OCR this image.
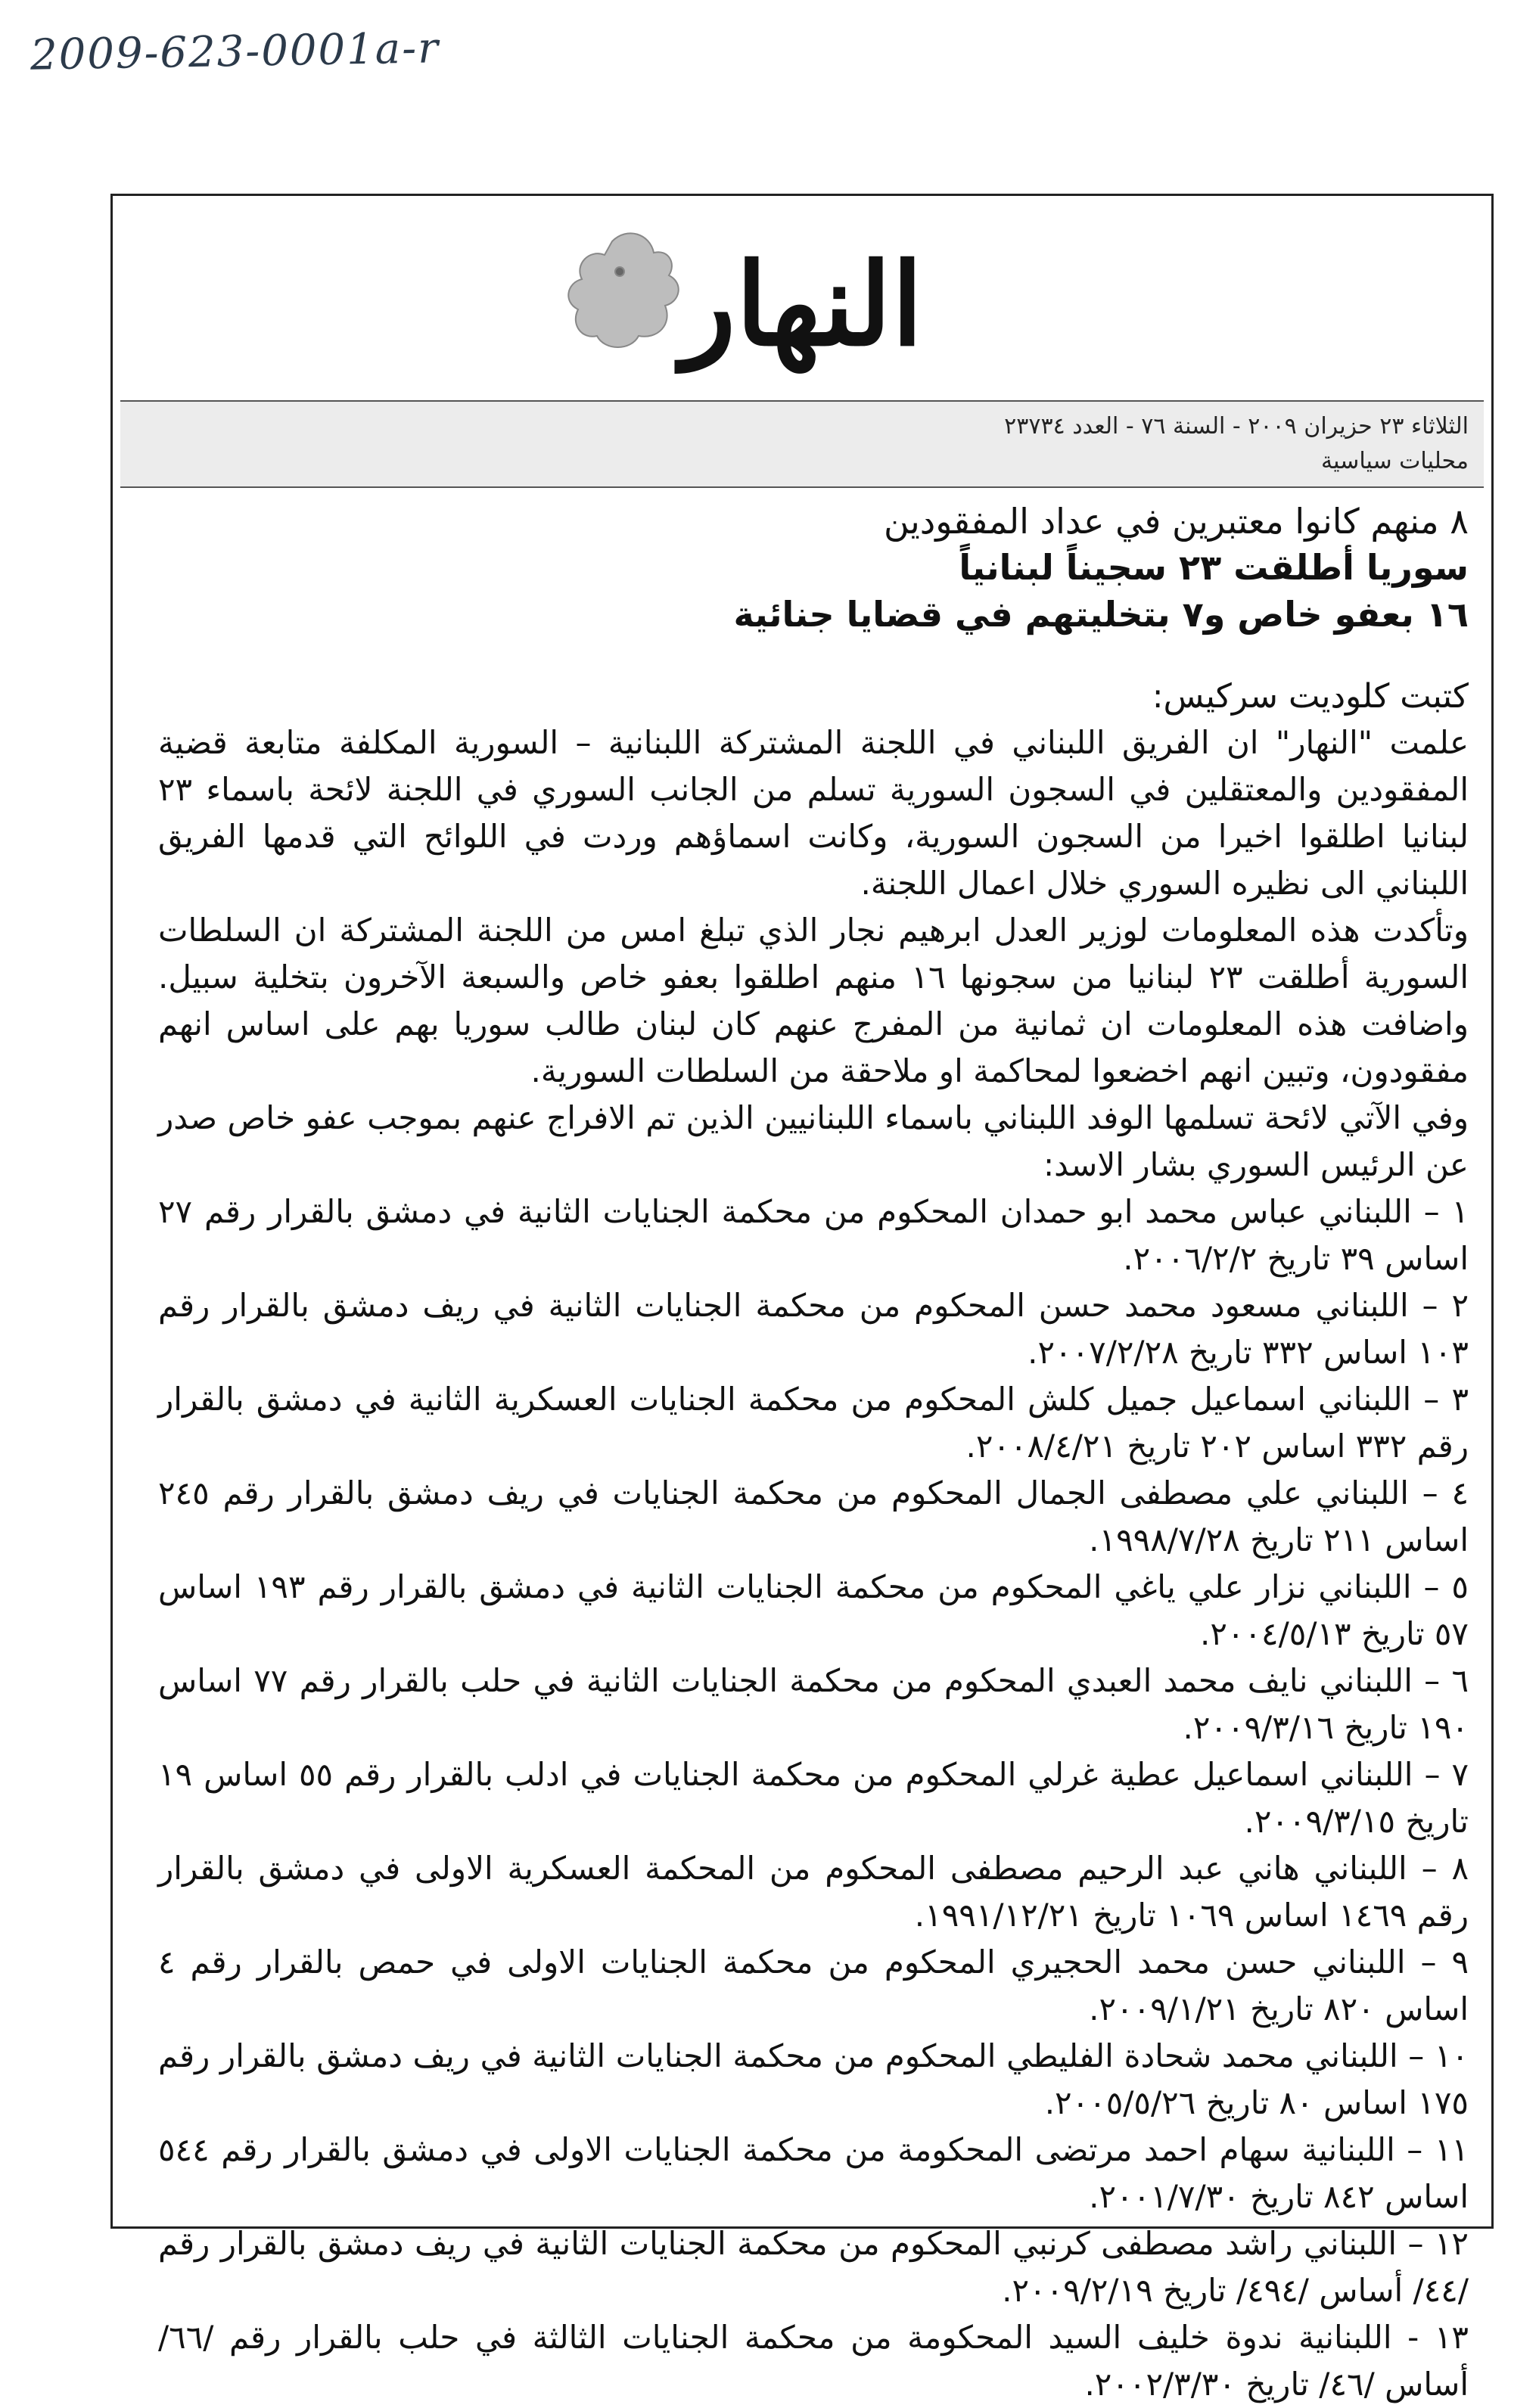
2009-623-0001a-r
النهار
الثلاثاء ٢٣ حزيران ٢٠٠٩ - السنة ٧٦ - العدد ٢٣٧٣٤
محليات سياسية
٨ منهم كانوا معتبرين في عداد المفقودين
سوريا أطلقت ٢٣ سجيناً لبنانياً
١٦ بعفو خاص و٧ بتخليتهم في قضايا جنائية
كتبت كلوديت سركيس:
علمت "النهار" ان الفريق اللبناني في اللجنة المشتركة اللبنانية – السورية المكلفة متابعة قضية المفقودين والمعتقلين في السجون السورية تسلم من الجانب السوري في اللجنة لائحة باسماء ٢٣ لبنانيا اطلقوا اخيرا من السجون السورية، وكانت اسماؤهم وردت في اللوائح التي قدمها الفريق اللبناني الى نظيره السوري خلال اعمال اللجنة.
وتأكدت هذه المعلومات لوزير العدل ابرهيم نجار الذي تبلغ امس من اللجنة المشتركة ان السلطات السورية أطلقت ٢٣ لبنانيا من سجونها ١٦ منهم اطلقوا بعفو خاص والسبعة الآخرون بتخلية سبيل. واضافت هذه المعلومات ان ثمانية من المفرج عنهم كان لبنان طالب سوريا بهم على اساس انهم مفقودون، وتبين انهم اخضعوا لمحاكمة او ملاحقة من السلطات السورية.
وفي الآتي لائحة تسلمها الوفد اللبناني باسماء اللبنانيين الذين تم الافراج عنهم بموجب عفو خاص صدر عن الرئيس السوري بشار الاسد:
١ – اللبناني عباس محمد ابو حمدان المحكوم من محكمة الجنايات الثانية في دمشق بالقرار رقم ٢٧ اساس ٣٩ تاريخ ٢٠٠٦/٢/٢.
٢ – اللبناني مسعود محمد حسن المحكوم من محكمة الجنايات الثانية في ريف دمشق بالقرار رقم ١٠٣ اساس ٣٣٢ تاريخ ٢٠٠٧/٢/٢٨.
٣ – اللبناني اسماعيل جميل كلش المحكوم من محكمة الجنايات العسكرية الثانية في دمشق بالقرار رقم ٣٣٢ اساس ٢٠٢ تاريخ ٢٠٠٨/٤/٢١.
٤ – اللبناني علي مصطفى الجمال المحكوم من محكمة الجنايات في ريف دمشق بالقرار رقم ٢٤٥ اساس ٢١١ تاريخ ١٩٩٨/٧/٢٨.
٥ – اللبناني نزار علي ياغي المحكوم من محكمة الجنايات الثانية في دمشق بالقرار رقم ١٩٣ اساس ٥٧ تاريخ ٢٠٠٤/٥/١٣.
٦ – اللبناني نايف محمد العبدي المحكوم من محكمة الجنايات الثانية في حلب بالقرار رقم ٧٧ اساس ١٩٠ تاريخ ٢٠٠٩/٣/١٦.
٧ – اللبناني اسماعيل عطية غرلي المحكوم من محكمة الجنايات في ادلب بالقرار رقم ٥٥ اساس ١٩ تاريخ ٢٠٠٩/٣/١٥.
٨ – اللبناني هاني عبد الرحيم مصطفى المحكوم من المحكمة العسكرية الاولى في دمشق بالقرار رقم ١٤٦٩ اساس ١٠٦٩ تاريخ ١٩٩١/١٢/٢١.
٩ – اللبناني حسن محمد الحجيري المحكوم من محكمة الجنايات الاولى في حمص بالقرار رقم ٤ اساس ٨٢٠ تاريخ ٢٠٠٩/١/٢١.
١٠ – اللبناني محمد شحادة الفليطي المحكوم من محكمة الجنايات الثانية في ريف دمشق بالقرار رقم ١٧٥ اساس ٨٠ تاريخ ٢٠٠٥/٥/٢٦.
١١ – اللبنانية سهام احمد مرتضى المحكومة من محكمة الجنايات الاولى في دمشق بالقرار رقم ٥٤٤ اساس ٨٤٢ تاريخ ٢٠٠١/٧/٣٠.
١٢ – اللبناني راشد مصطفى كرنبي المحكوم من محكمة الجنايات الثانية في ريف دمشق بالقرار رقم /٤٤/ أساس /٤٩٤/ تاريخ ٢٠٠٩/٢/١٩.
١٣ - اللبنانية ندوة خليف السيد المحكومة من محكمة الجنايات الثالثة في حلب بالقرار رقم /٦٦/ أساس /٤٦/ تاريخ ٢٠٠٢/٣/٣٠.
